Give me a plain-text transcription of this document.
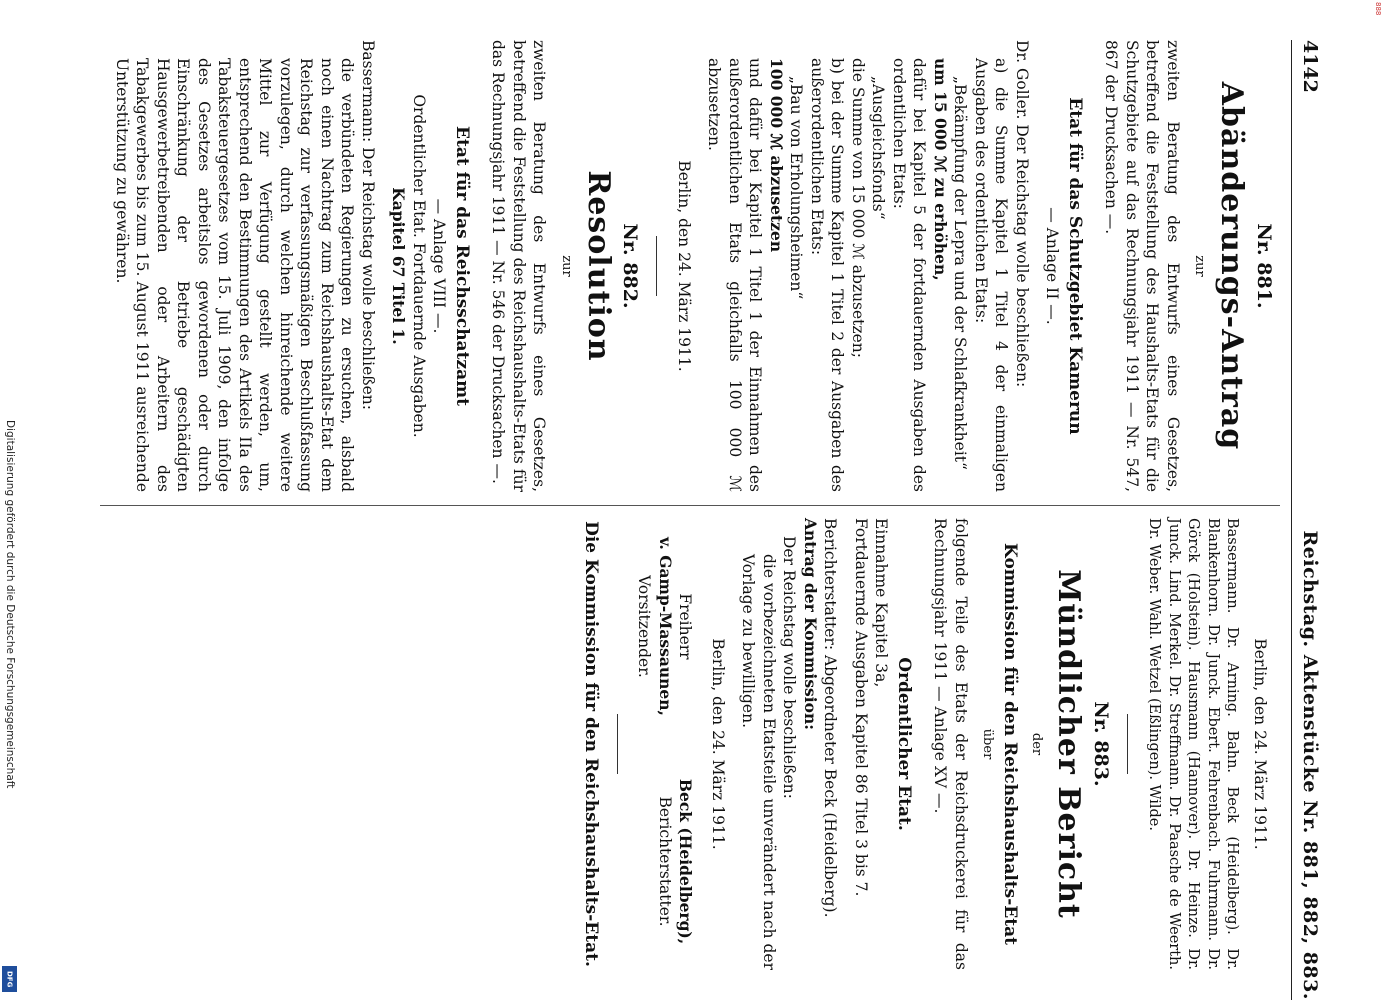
Digitalisierung gefördert durch die Deutsche Forschungsgemeinschaft
DFG
888
4142
Reichstag. Aktenstücke Nr. 881, 882, 883.
Nr. 881.
Abänderungs-Antrag
zur

zweiten Beratung des Entwurfs eines Gesetzes, betreffend die Feststellung des Haushalts-Etats für die Schutzgebiete auf das Rechnungsjahr 1911 — Nr. 547, 867 der Drucksachen —.

Etat für das Schutzgebiet Kamerun
— Anlage II —.

Dr. Goller. Der Reichstag wolle beschließen:

a) die Summe Kapitel 1 Titel 4 der einmaligen Ausgaben des ordentlichen Etats:

„Bekämpfung der Lepra und der Schlafkrankheit“

um 15 000 ℳ zu erhöhen,

dafür bei Kapitel 5 der fortdauernden Ausgaben des ordentlichen Etats:

„Ausgleichsfonds“

die Summe von 15 000 ℳ abzusetzen;

b) bei der Summe Kapitel 1 Titel 2 der Ausgaben des außerordentlichen Etats:

„Bau von Erholungsheimen“

100 000 ℳ abzusetzen

und dafür bei Kapitel 1 Titel 1 der Einnahmen des außerordentlichen Etats gleichfalls 100 000 ℳ abzusetzen.

Berlin, den 24. März 1911.
Nr. 882.
Resolution
zur

zweiten Beratung des Entwurfs eines Gesetzes, betreffend die Feststellung des Reichshaushalts-Etats für das Rechnungsjahr 1911 — Nr. 546 der Drucksachen —.

Etat für das Reichsschatzamt
— Anlage VIII —.
Ordentlicher Etat. Fortdauernde Ausgaben.
Kapitel 67 Titel 1.

Bassermann: Der Reichstag wolle beschließen:

die verbündeten Regierungen zu ersuchen, alsbald noch einen Nachtrag zum Reichshaushalts-Etat dem Reichstag zur verfassungsmäßigen Beschlußfassung vorzulegen, durch welchen hinreichende weitere Mittel zur Verfügung gestellt werden, um, entsprechend den Bestimmungen des Artikels IIa des Tabaksteuergesetzes vom 15. Juli 1909, den infolge des Gesetzes arbeitslos gewordenen oder durch Einschränkung der Betriebe geschädigten Hausgewerbetreibenden oder Arbeitern des Tabakgewerbes bis zum 15. August 1911 ausreichende Unterstützung zu gewähren.

Berlin, den 24. März 1911.

Bassermann. Dr. Arning. Bahn. Beck (Heidelberg). Dr. Blankenhorn. Dr. Junck. Ebert. Fehrenbach. Fuhrmann. Dr. Görck (Holstein). Hausmann (Hannover). Dr. Heinze. Dr. Junck. Lind. Merkel. Dr. Streffmann. Dr. Paasche de Weerth. Dr. Weber. Wahl. Wetzel (Eßlingen). Wilde.

Nr. 883.
Mündlicher Bericht
der
Kommission für den Reichshaushalts-Etat
über

folgende Teile des Etats der Reichsdruckerei für das Rechnungsjahr 1911 — Anlage XV —.

Ordentlicher Etat.

Einnahme Kapitel 3a,

Fortdauernde Ausgaben Kapitel 86 Titel 3 bis 7.

Berichterstatter: Abgeordneter Beck (Heidelberg).

Antrag der Kommission:

Der Reichstag wolle beschließen:

die vorbezeichneten Etatsteile unverändert nach der Vorlage zu bewilligen.

Berlin, den 24. März 1911.
Freiherr
v. Gamp-Massaunen,
Vorsitzender.
Beck (Heidelberg),
Berichterstatter.
Die Kommission für den Reichshaushalts-Etat.
